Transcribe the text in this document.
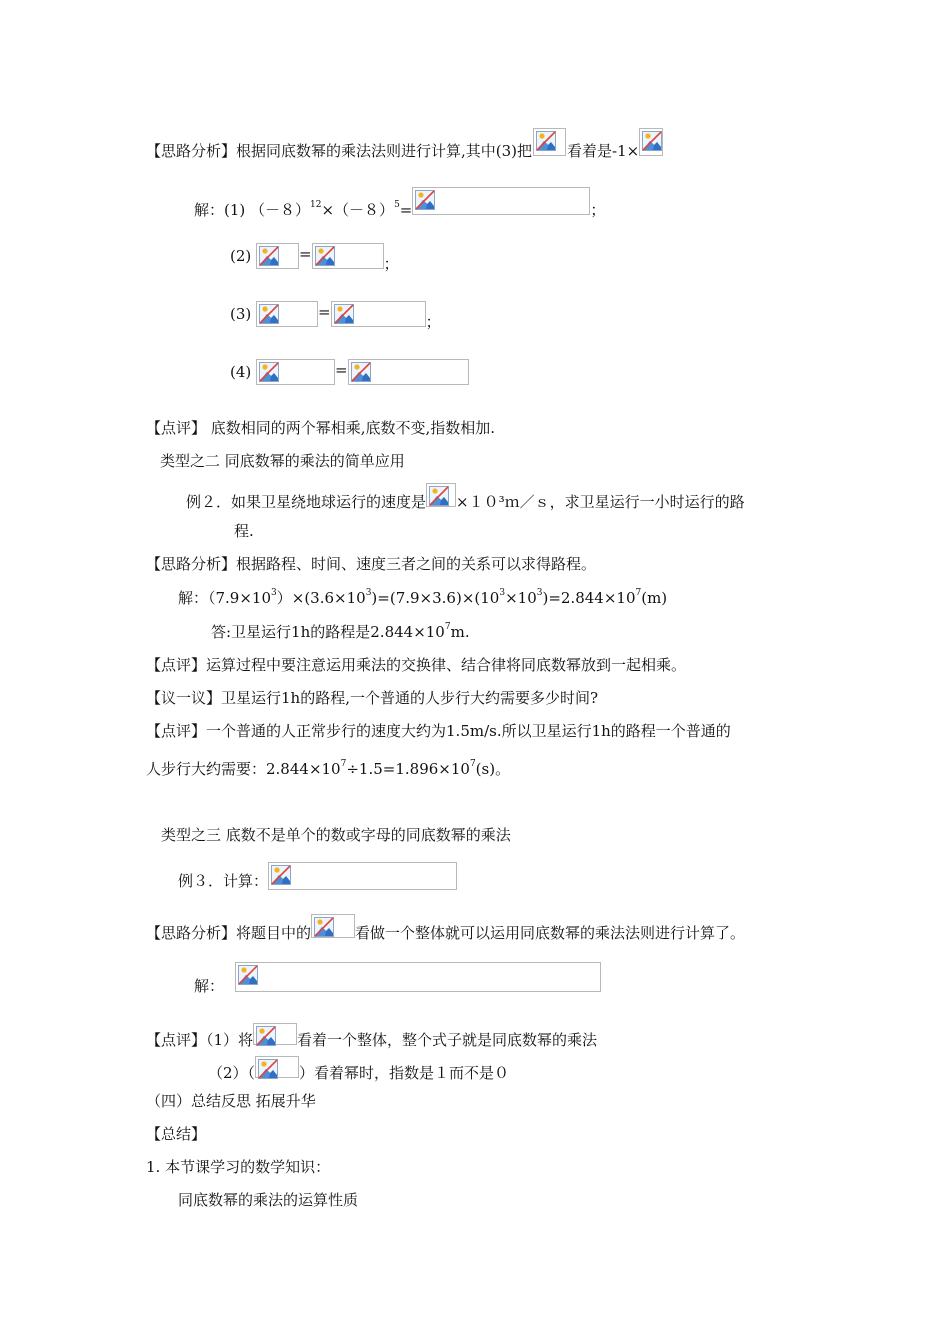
【思路分析】根据同底数幂的乘法法则进行计算,其中(3)把 看着是-1×
解：(1) $(-8)^{12}\times(-8)^5=$	；
(2)	=
；
(3)	=
；
(4)	=
【点评】 底数相同的两个幂相乘,底数不变,指数相加.
类型之二 同底数幂的乘法的简单应用
例２．如果卫星绕地球运行的速度是 ×１０³ｍ／ｓ，求卫星运行一小时运行的路
程.
【思路分析】根据路程、时间、速度三者之间的关系可以求得路程。
解：$(7.9\times 10^3)\times(3.6\times 10^3)=(7.9\times 3.6)\times(10^3\times 10^3)=2.844\times 10^7(m)$
答:卫星运行1h的路程是$2.844\times 10^7m$.
【点评】运算过程中要注意运用乘法的交换律、结合律将同底数幂放到一起相乘。
【议一议】卫星运行1h的路程,一个普通的人步行大约需要多少时间?
【点评】一个普通的人正常步行的速度大约为1.5m/s.所以卫星运行1h的路程一个普通的
人步行大约需要：$2.844\times 10^7\div 1.5=1.896\times 10^7(s)$。
类型之三 底数不是单个的数或字母的同底数幂的乘法
例３．计算：
【思路分析】将题目中的	看做一个整体就可以运用同底数幂的乘法法则进行计算了。
解：
【点评】（1）将	看着一个整体，整个式子就是同底数幂的乘法
（2）（	）看着幂时，指数是１而不是０
（四）总结反思 拓展升华
【总结】
1. 本节课学习的数学知识：
同底数幂的乘法的运算性质
